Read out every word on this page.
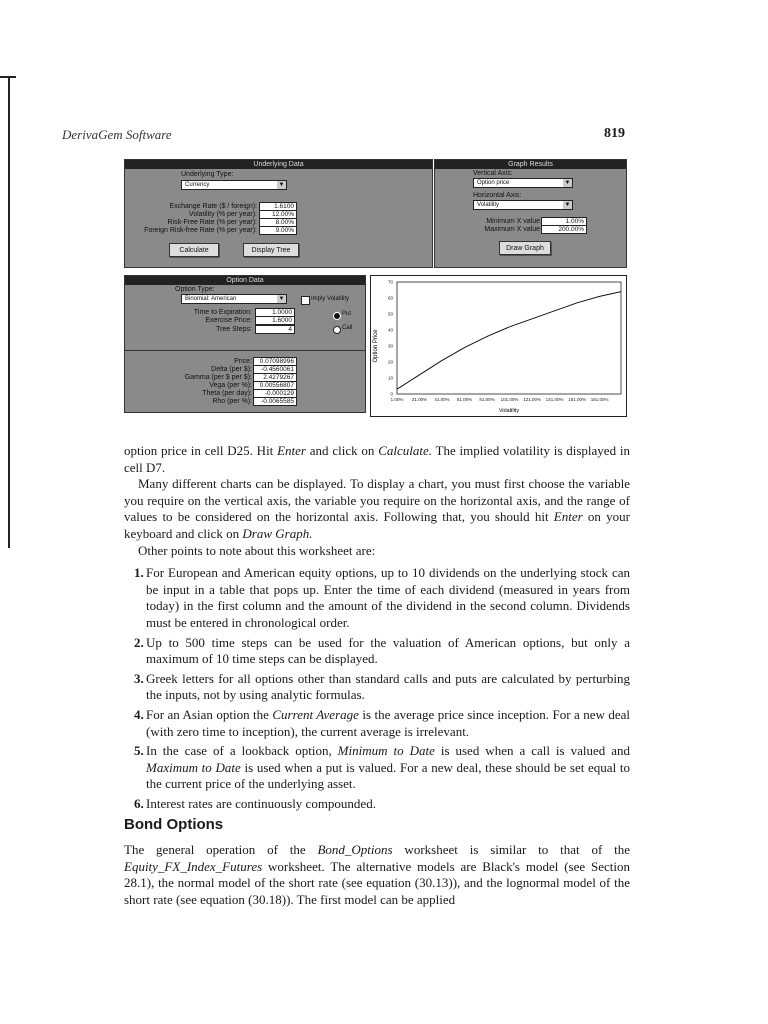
DerivaGem Software	819
Underlying Data
Underlying Type:
Currency	▼
Exchange Rate ($ / foreign):	1.6100
Volatility (% per year):	12.00%
Risk-Free Rate (% per year):	8.00%
Foreign Risk-free Rate (% per year):	9.00%
Calculate	Display Tree
Graph Results
Vertical Axis:
Option price	▼
Horizontal Axis:
Volatility	▼
Minimum X value	1.00%
Maximum X value	200.00%
Draw Graph
Option Data
Option Type:
Binomial: American	▼	Imply Volatility
Time to Expiration:	1.0000
Exercise Price:	1.6000
Tree Steps:	4
Put
Call
Price:	0.07098996
Delta (per $):	-0.4560061
Gamma (per $ per $):	2.4279267
Vega (per %):	0.00556807
Theta (per day):	-0.000129
Rho (per %):	-0.0065585
Option Price
Volatility
0
10
20
30
40
50
60
70
1.00% 21.00% 41.00% 61.00% 81.00% 101.00% 121.00% 141.00% 161.00% 181.00%

option price in cell D25. Hit Enter and click on Calculate. The implied volatility is displayed in cell D7.

Many different charts can be displayed. To display a chart, you must first choose the variable you require on the vertical axis, the variable you require on the horizontal axis, and the range of values to be considered on the horizontal axis. Following that, you should hit Enter on your keyboard and click on Draw Graph.

Other points to note about this worksheet are:

1. For European and American equity options, up to 10 dividends on the underlying stock can be input in a table that pops up. Enter the time of each dividend (measured in years from today) in the first column and the amount of the dividend in the second column. Dividends must be entered in chronological order.
2. Up to 500 time steps can be used for the valuation of American options, but only a maximum of 10 time steps can be displayed.
3. Greek letters for all options other than standard calls and puts are calculated by perturbing the inputs, not by using analytic formulas.
4. For an Asian option the Current Average is the average price since inception. For a new deal (with zero time to inception), the current average is irrelevant.
5. In the case of a lookback option, Minimum to Date is used when a call is valued and Maximum to Date is used when a put is valued. For a new deal, these should be set equal to the current price of the underlying asset.
6. Interest rates are continuously compounded.
Bond Options

The general operation of the Bond_Options worksheet is similar to that of the Equity_FX_Index_Futures worksheet. The alternative models are Black's model (see Section 28.1), the normal model of the short rate (see equation (30.13)), and the lognormal model of the short rate (see equation (30.18)). The first model can be applied
